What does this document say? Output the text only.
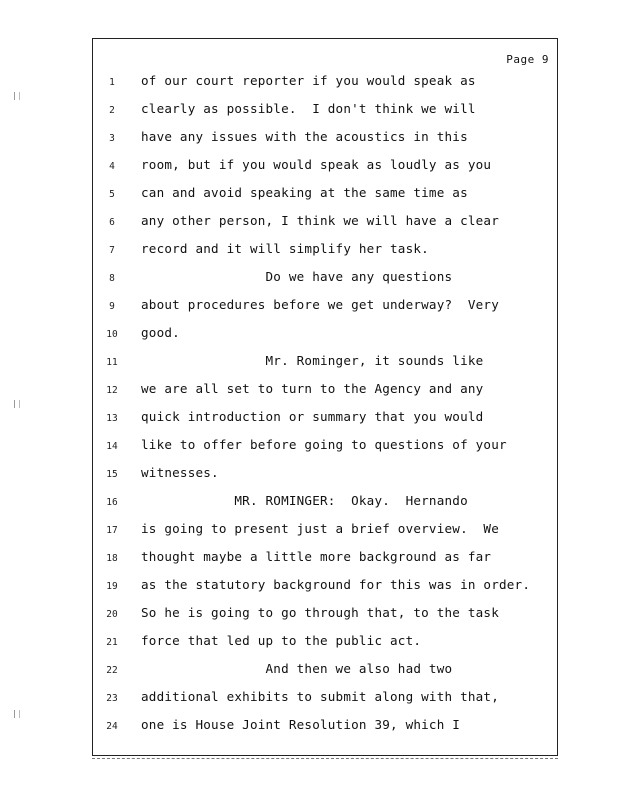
Page 9
1	of our court reporter if you would speak as
2	clearly as possible.  I don't think we will
3	have any issues with the acoustics in this
4	room, but if you would speak as loudly as you
5	can and avoid speaking at the same time as
6	any other person, I think we will have a clear
7	record and it will simplify her task.
8	Do we have any questions
9	about procedures before we get underway?  Very
10	good.
11	Mr. Rominger, it sounds like
12	we are all set to turn to the Agency and any
13	quick introduction or summary that you would
14	like to offer before going to questions of your
15	witnesses.
16	MR. ROMINGER:  Okay.  Hernando
17	is going to present just a brief overview.  We
18	thought maybe a little more background as far
19	as the statutory background for this was in order.
20	So he is going to go through that, to the task
21	force that led up to the public act.
22	And then we also had two
23	additional exhibits to submit along with that,
24	one is House Joint Resolution 39, which I
